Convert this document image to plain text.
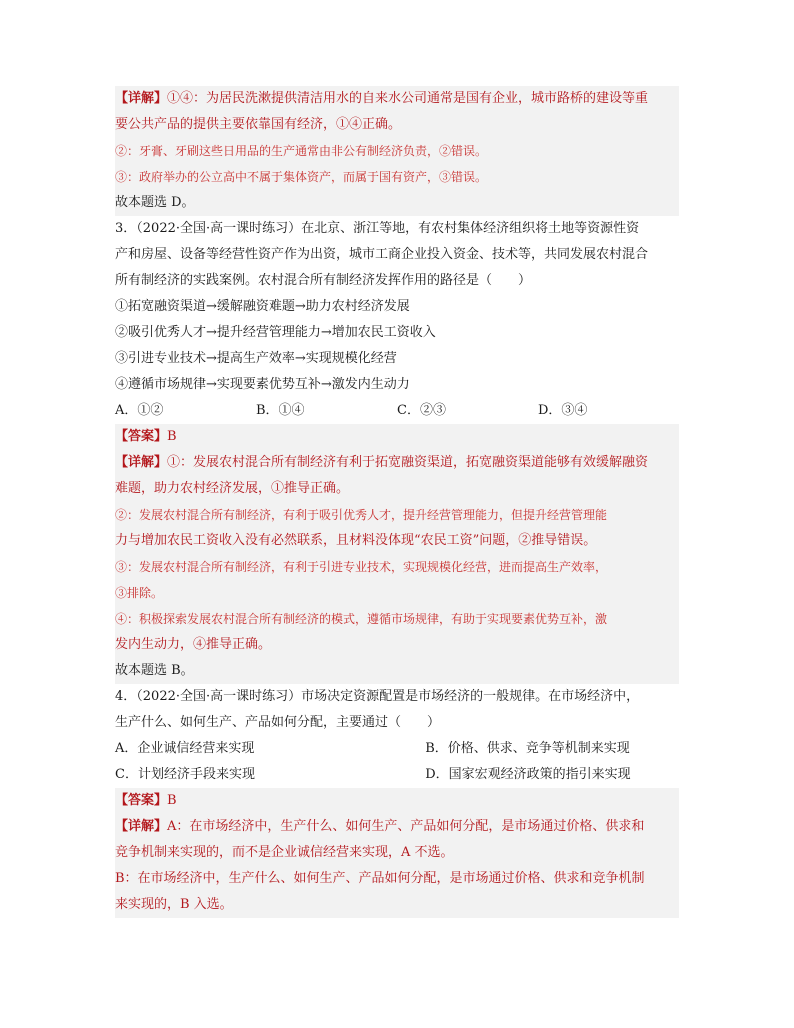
【详解】①④：为居民洗漱提供清洁用水的自来水公司通常是国有企业，城市路桥的建设等重
要公共产品的提供主要依靠国有经济，①④正确。
②：牙膏、牙刷这些日用品的生产通常由非公有制经济负责，②错误。
③：政府举办的公立高中不属于集体资产，而属于国有资产，③错误。
故本题选 D。
3．（2022·全国·高一课时练习）在北京、浙江等地，有农村集体经济组织将土地等资源性资
产和房屋、设备等经营性资产作为出资，城市工商企业投入资金、技术等，共同发展农村混合
所有制经济的实践案例。农村混合所有制经济发挥作用的路径是（　　）
①拓宽融资渠道→缓解融资难题→助力农村经济发展
②吸引优秀人才→提升经营管理能力→增加农民工资收入
③引进专业技术→提高生产效率→实现规模化经营
④遵循市场规律→实现要素优势互补→激发内生动力
A．①②	B．①④	C．②③	D．③④
【答案】B
【详解】①：发展农村混合所有制经济有利于拓宽融资渠道，拓宽融资渠道能够有效缓解融资
难题，助力农村经济发展，①推导正确。
②：发展农村混合所有制经济，有利于吸引优秀人才，提升经营管理能力，但提升经营管理能
力与增加农民工资收入没有必然联系，且材料没体现“农民工资”问题，②推导错误。
③：发展农村混合所有制经济，有利于引进专业技术，实现规模化经营，进而提高生产效率，
③排除。
④：积极探索发展农村混合所有制经济的模式，遵循市场规律，有助于实现要素优势互补，激
发内生动力，④推导正确。
故本题选 B。
4．（2022·全国·高一课时练习）市场决定资源配置是市场经济的一般规律。在市场经济中，
生产什么、如何生产、产品如何分配，主要通过（　　）
A．企业诚信经营来实现	B．价格、供求、竞争等机制来实现
C．计划经济手段来实现	D．国家宏观经济政策的指引来实现
【答案】B
【详解】A：在市场经济中，生产什么、如何生产、产品如何分配，是市场通过价格、供求和
竞争机制来实现的，而不是企业诚信经营来实现，A 不选。
B：在市场经济中，生产什么、如何生产、产品如何分配，是市场通过价格、供求和竞争机制
来实现的，B 入选。
